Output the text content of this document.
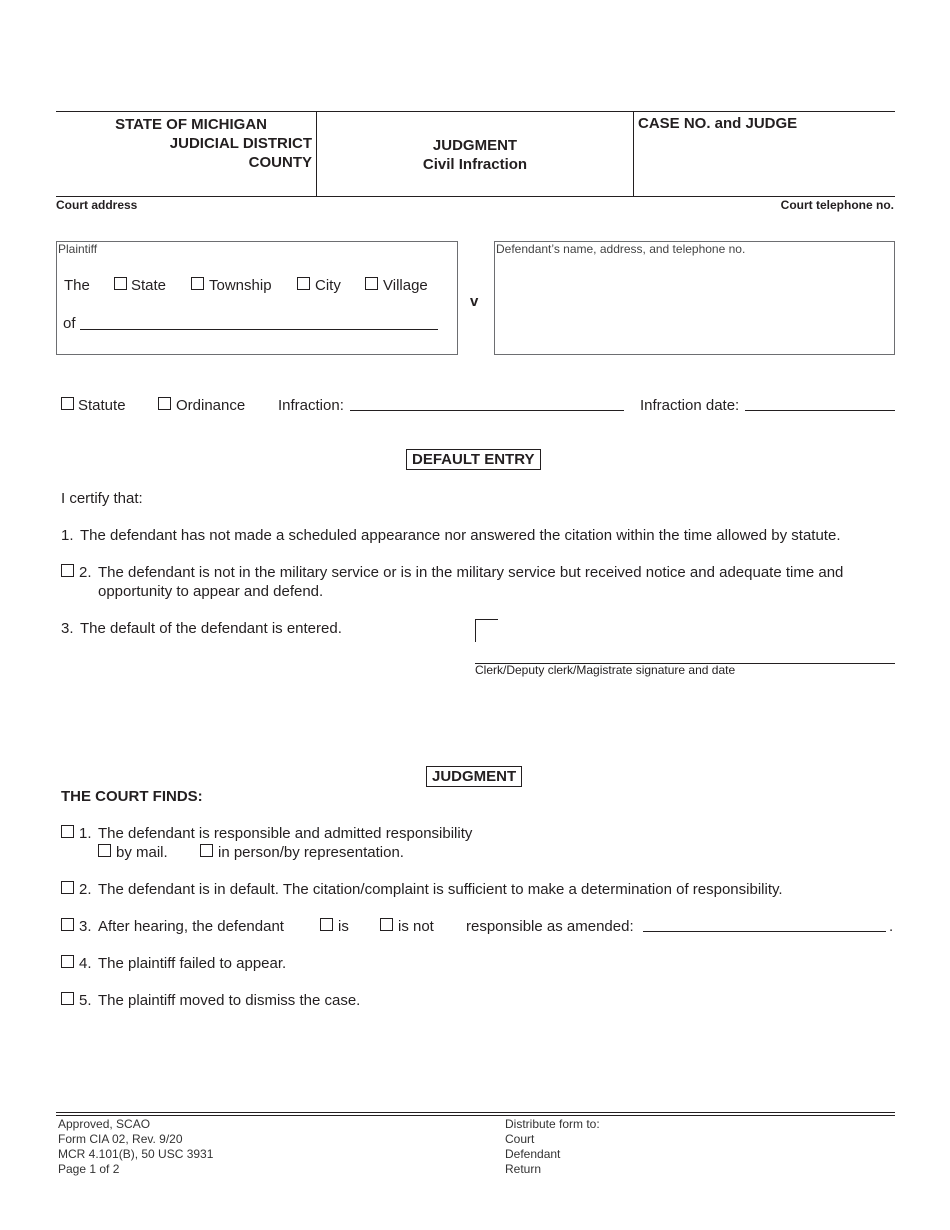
STATE OF MICHIGAN
JUDICIAL DISTRICT
COUNTY
JUDGMENT
Civil Infraction
CASE NO. and JUDGE
Court address	Court telephone no.
Plaintiff
The	State	Township	City	Village
of
v
Defendant’s name, address, and telephone no.
Statute	Ordinance Infraction:	Infraction date:
DEFAULT ENTRY
I certify that:
1. The defendant has not made a scheduled appearance nor answered the citation within the time allowed by statute.
2. The defendant is not in the military service or is in the military service but received notice and adequate time and
opportunity to appear and defend.
3. The default of the defendant is entered.
Clerk/Deputy clerk/Magistrate signature and date
JUDGMENT
THE COURT FINDS:
1. The defendant is responsible and admitted responsibility
by mail.	in person/by representation.
2. The defendant is in default. The citation/complaint is sufficient to make a determination of responsibility.
3. After hearing, the defendant	is	is not responsible as amended:	.
4. The plaintiff failed to appear.
5. The plaintiff moved to dismiss the case.
Approved, SCAO
Form CIA 02, Rev. 9/20
MCR 4.101(B), 50 USC 3931
Page 1 of 2
Distribute form to:
Court
Defendant
Return
